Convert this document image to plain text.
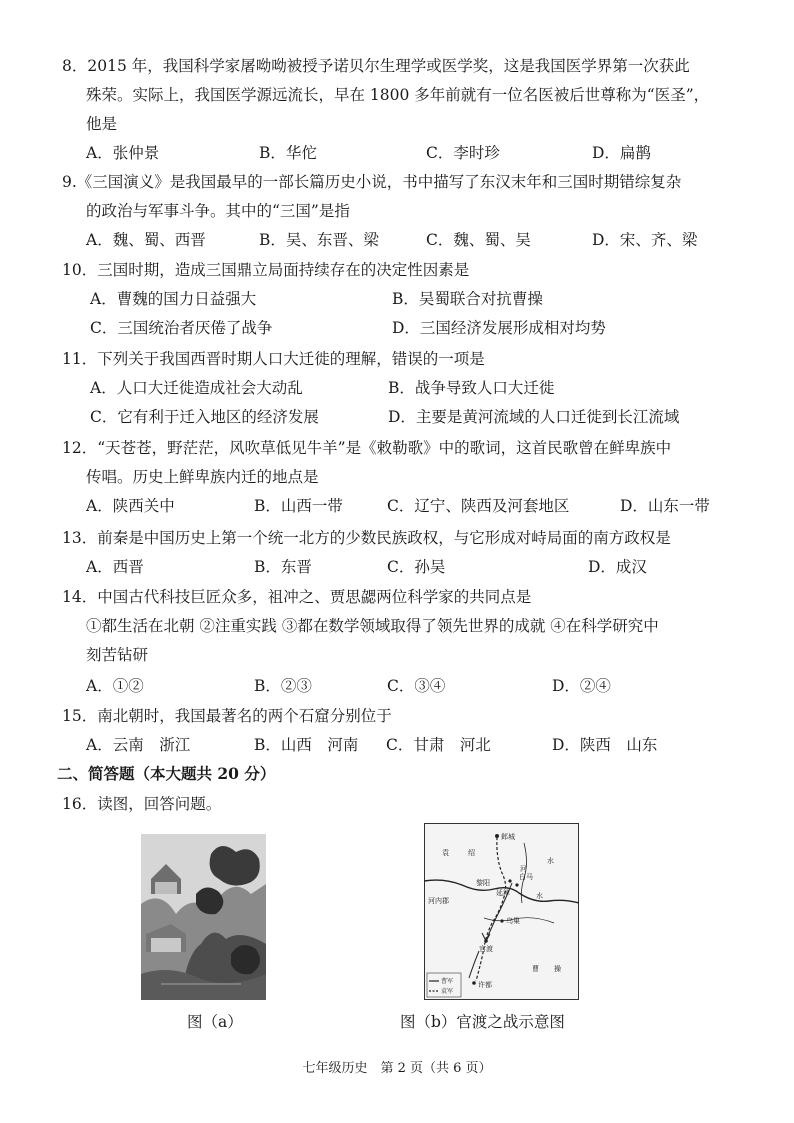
8．2015 年，我国科学家屠呦呦被授予诺贝尔生理学或医学奖，这是我国医学界第一次获此
殊荣。实际上，我国医学源远流长，早在 1800 多年前就有一位名医被后世尊称为“医圣”，
他是
A．张仲景	B．华佗	C．李时珍	D．扁鹊
9.《三国演义》是我国最早的一部长篇历史小说，书中描写了东汉末年和三国时期错综复杂
的政治与军事斗争。其中的“三国”是指
A．魏、蜀、西晋	B．吴、东晋、梁	C．魏、蜀、吴	D．宋、齐、梁
10．三国时期，造成三国鼎立局面持续存在的决定性因素是
A．曹魏的国力日益强大	B．吴蜀联合对抗曹操
C．三国统治者厌倦了战争	D．三国经济发展形成相对均势
11．下列关于我国西晋时期人口大迁徙的理解，错误的一项是
A．人口大迁徙造成社会大动乱	B．战争导致人口大迁徙
C．它有利于迁入地区的经济发展	D．主要是黄河流域的人口迁徙到长江流域
12．“天苍苍，野茫茫，风吹草低见牛羊”是《敕勒歌》中的歌词，这首民歌曾在鲜卑族中
传唱。历史上鲜卑族内迁的地点是
A．陕西关中	B．山西一带	C．辽宁、陕西及河套地区	D．山东一带
13．前秦是中国历史上第一个统一北方的少数民族政权，与它形成对峙局面的南方政权是
A．西晋	B．东晋	C．孙吴	D．成汉
14．中国古代科技巨匠众多，祖冲之、贾思勰两位科学家的共同点是
①都生活在北朝 ②注重实践 ③都在数学领域取得了领先世界的成就 ④在科学研究中
刻苦钻研
A．①②	B．②③	C．③④	D．②④
15．南北朝时，我国最著名的两个石窟分别位于
A．云南　浙江	B．山西　河南 C．甘肃　河北	D．陕西　山东
二、简答题（本大题共 20 分）
16．读图，回答问题。
图（a）
邺城
袁	绍
河
水
水
黎阳
白马
延津
河内郡
乌巢
官渡
曹 操
许都
曹军
袁军
图（b）官渡之战示意图
七年级历史　第 2 页（共 6 页）
